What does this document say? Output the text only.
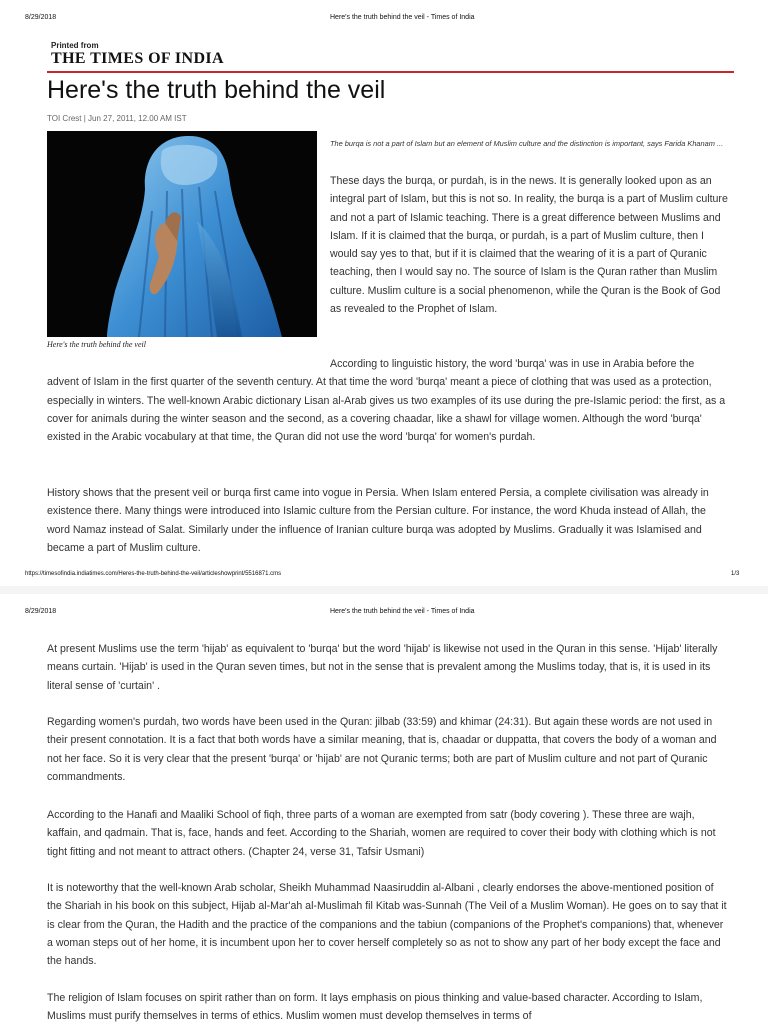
8/29/2018	Here's the truth behind the veil - Times of India
Printed from
THE TIMES OF INDIA
Here's the truth behind the veil
TOI Crest | Jun 27, 2011, 12.00 AM IST
Here's the truth behind the veil
The burqa is not a part of Islam but an element of Muslim culture and the distinction is important, says Farida Khanam ...

These days the burqa, or purdah, is in the news. It is generally looked upon as an integral part of Islam, but this is not so. In reality, the burqa is a part of Muslim culture and not a part of Islamic teaching. There is a great difference between Muslims and Islam. If it is claimed that the burqa, or purdah, is a part of Muslim culture, then I would say yes to that, but if it is claimed that the wearing of it is a part of Quranic teaching, then I would say no. The source of Islam is the Quran rather than Muslim culture. Muslim culture is a social phenomenon, while the Quran is the Book of God as revealed to the Prophet of Islam.

According to linguistic history, the word 'burqa' was in use in Arabia before the advent of Islam in the first quarter of the seventh century. At that time the word 'burqa' meant a piece of clothing that was used as a protection, especially in winters. The well-known Arabic dictionary Lisan al-Arab gives us two examples of its use during the pre-Islamic period: the first, as a cover for animals during the winter season and the second, as a covering chaadar, like a shawl for village women. Although the word 'burqa' existed in the Arabic vocabulary at that time, the Quran did not use the word 'burqa' for women's purdah.

History shows that the present veil or burqa first came into vogue in Persia. When Islam entered Persia, a complete civilisation was already in existence there. Many things were introduced into Islamic culture from the Persian culture. For instance, the word Khuda instead of Allah, the word Namaz instead of Salat. Similarly under the influence of Iranian culture burqa was adopted by Muslims. Gradually it was Islamised and became a part of Muslim culture.

https://timesofindia.indiatimes.com/Heres-the-truth-behind-the-veil/articleshowprint/5516871.cms	1/3
8/29/2018	Here's the truth behind the veil - Times of India

At present Muslims use the term 'hijab' as equivalent to 'burqa' but the word 'hijab' is likewise not used in the Quran in this sense. 'Hijab' literally means curtain. 'Hijab' is used in the Quran seven times, but not in the sense that is prevalent among the Muslims today, that is, it is used in its literal sense of 'curtain' .

Regarding women's purdah, two words have been used in the Quran: jilbab (33:59) and khimar (24:31). But again these words are not used in their present connotation. It is a fact that both words have a similar meaning, that is, chaadar or duppatta, that covers the body of a woman and not her face. So it is very clear that the present 'burqa' or 'hijab' are not Quranic terms; both are part of Muslim culture and not part of Quranic commandments.

According to the Hanafi and Maaliki School of fiqh, three parts of a woman are exempted from satr (body covering ). These three are wajh, kaffain, and qadmain. That is, face, hands and feet. According to the Shariah, women are required to cover their body with clothing which is not tight fitting and not meant to attract others. (Chapter 24, verse 31, Tafsir Usmani)

It is noteworthy that the well-known Arab scholar, Sheikh Muhammad Naasiruddin al-Albani , clearly endorses the above-mentioned position of the Shariah in his book on this subject, Hijab al-Mar'ah al-Muslimah fil Kitab was-Sunnah (The Veil of a Muslim Woman). He goes on to say that it is clear from the Quran, the Hadith and the practice of the companions and the tabiun (companions of the Prophet's companions) that, whenever a woman steps out of her home, it is incumbent upon her to cover herself completely so as not to show any part of her body except the face and the hands.

The religion of Islam focuses on spirit rather than on form. It lays emphasis on pious thinking and value-based character. According to Islam, Muslims must purify themselves in terms of ethics. Muslim women must develop themselves in terms of
